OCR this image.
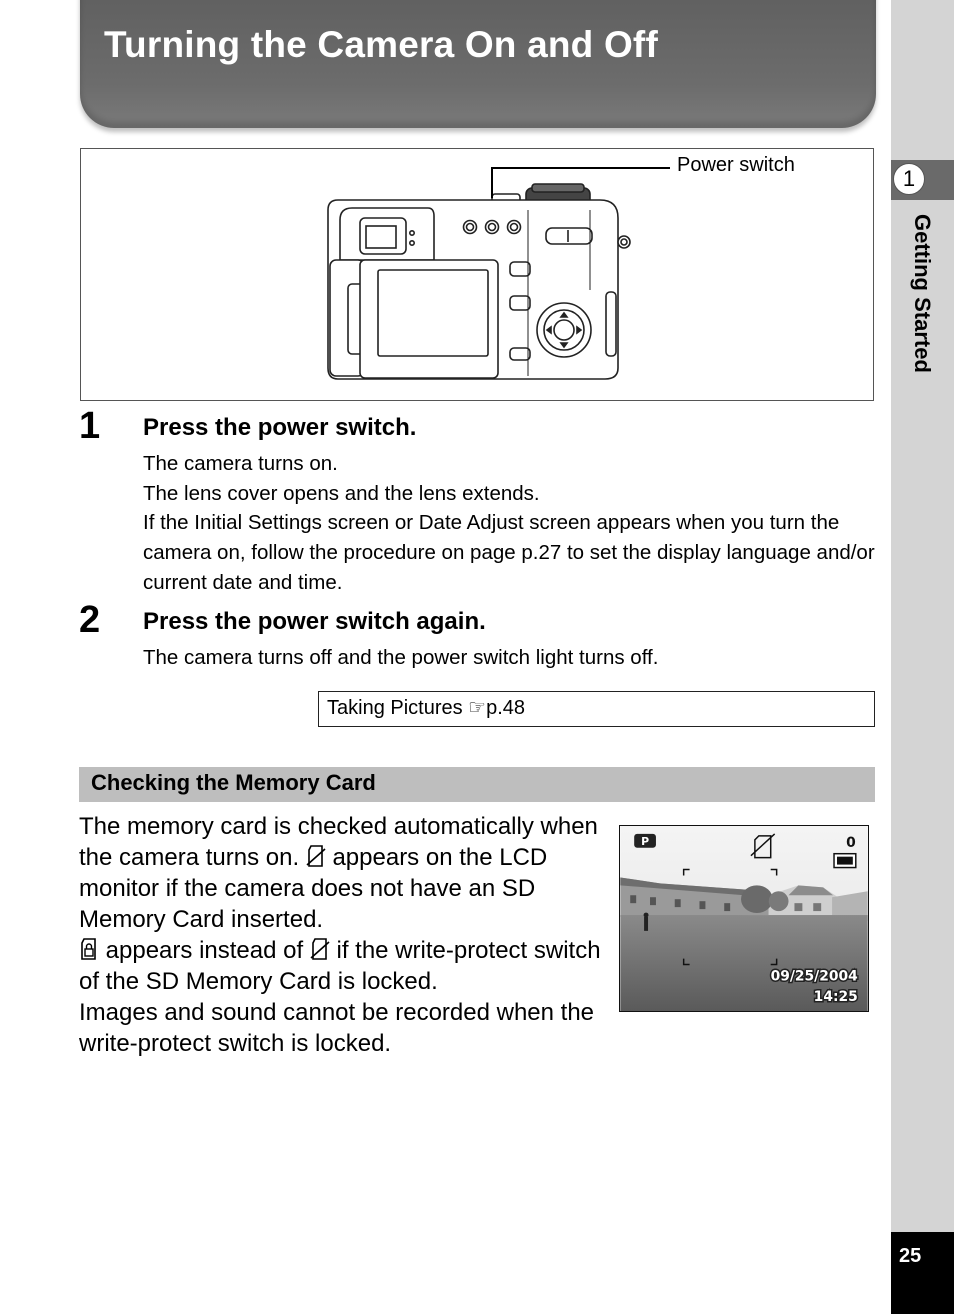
Turning the Camera On and Off
1
Getting Started
25
Power switch
1 Press the power switch.

The camera turns on.

The lens cover opens and the lens extends.

If the Initial Settings screen or Date Adjust screen appears when you turn the camera on, follow the procedure on page p.27 to set the display language and/or current date and time.

2 Press the power switch again.

The camera turns off and the power switch light turns off.

Taking Pictures ☞p.48
Checking the Memory Card

The memory card is checked automatically when the camera turns on.  appears on the LCD monitor if the camera does not have an SD Memory Card inserted.

appears instead of  if the write-protect switch of the SD Memory Card is locked.

Images and sound cannot be recorded when the write-protect switch is locked.

P	0
09/25/2004
14:25
